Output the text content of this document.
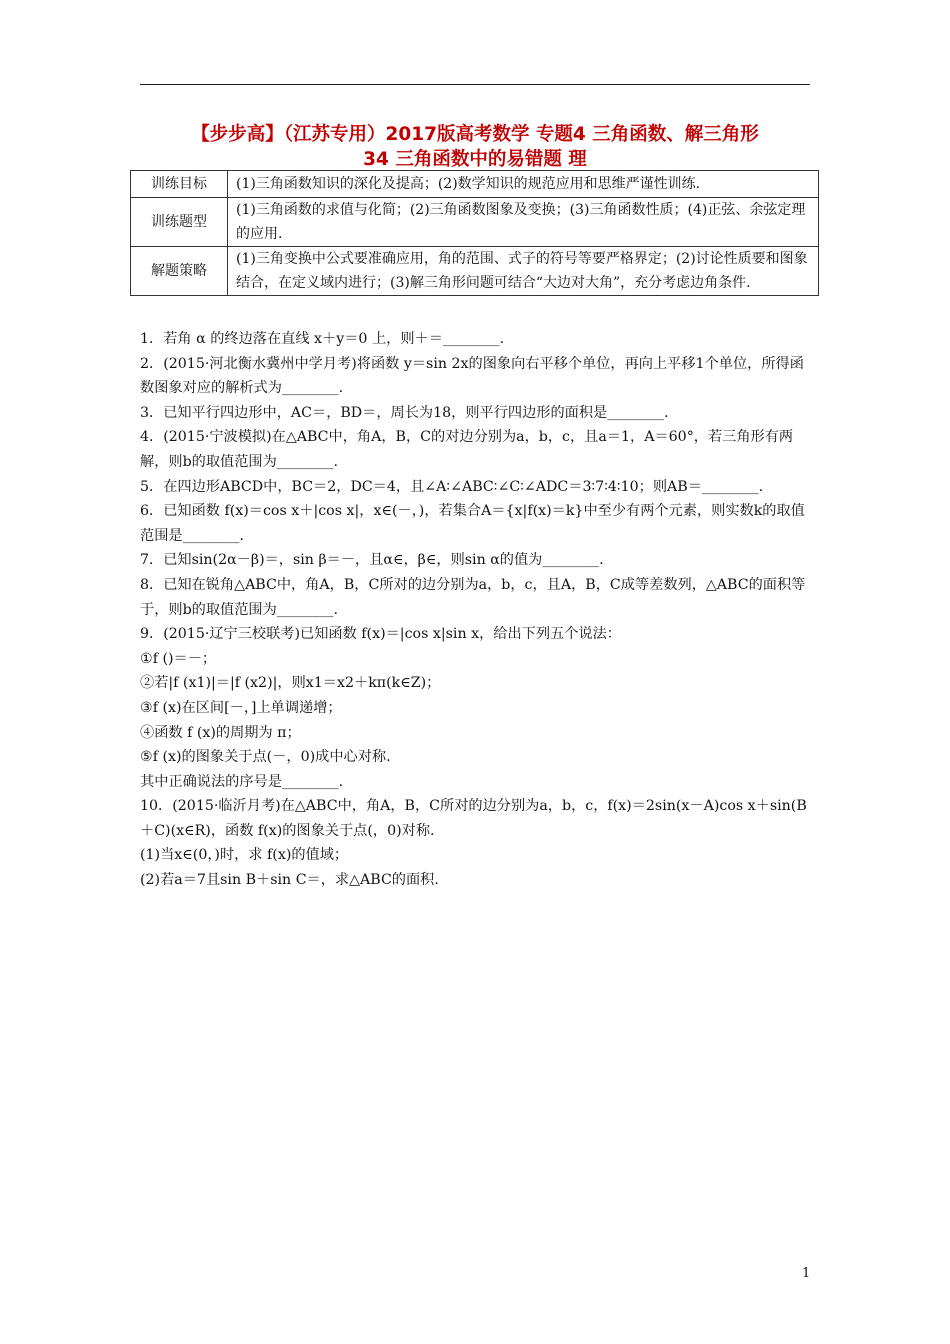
【步步高】（江苏专用）2017版高考数学 专题4 三角函数、解三角形
34 三角函数中的易错题 理
训练目标	(1)三角函数知识的深化及提高；(2)数学知识的规范应用和思维严谨性训练.
训练题型	(1)三角函数的求值与化简；(2)三角函数图象及变换；(3)三角函数性质；(4)正弦、余弦定理的应用.
解题策略	(1)三角变换中公式要准确应用，角的范围、式子的符号等要严格界定；(2)讨论性质要和图象结合，在定义域内进行；(3)解三角形问题可结合“大边对大角”，充分考虑边角条件.

1．若角 α 的终边落在直线 x＋y＝0 上，则＋＝________.

2．(2015·河北衡水冀州中学月考)将函数 y＝sin 2x的图象向右平移个单位，再向上平移1个单位，所得函数图象对应的解析式为________.

3．已知平行四边形中，AC＝，BD＝，周长为18，则平行四边形的面积是________.

4．(2015·宁波模拟)在△ABC中，角A，B，C的对边分别为a，b，c，且a＝1，A＝60°，若三角形有两解，则b的取值范围为________.

5．在四边形ABCD中，BC＝2，DC＝4，且∠A∶∠ABC∶∠C∶∠ADC＝3∶7∶4∶10；则AB＝________.

6．已知函数 f(x)＝cos x＋|cos x|，x∈(－，)，若集合A＝{x|f(x)＝k}中至少有两个元素，则实数k的取值范围是________.

7．已知sin(2α－β)＝，sin β＝－，且α∈，β∈，则sin α的值为________.

8．已知在锐角△ABC中，角A，B，C所对的边分别为a，b，c，且A，B，C成等差数列，△ABC的面积等于，则b的取值范围为________.

9．(2015·辽宁三校联考)已知函数 f(x)＝|cos x|sin x，给出下列五个说法：

①f ()＝－；

②若|f (x1)|＝|f (x2)|，则x1＝x2＋kπ(k∈Z)；

③f (x)在区间[－，]上单调递增；

④函数 f (x)的周期为 π；

⑤f (x)的图象关于点(－，0)成中心对称.

其中正确说法的序号是________.

10．(2015·临沂月考)在△ABC中，角A，B，C所对的边分别为a，b，c，f(x)＝2sin(x－A)cos x＋sin(B＋C)(x∈R)，函数 f(x)的图象关于点(，0)对称.

(1)当x∈(0，)时，求 f(x)的值域；

(2)若a＝7且sin B＋sin C＝，求△ABC的面积.

1
